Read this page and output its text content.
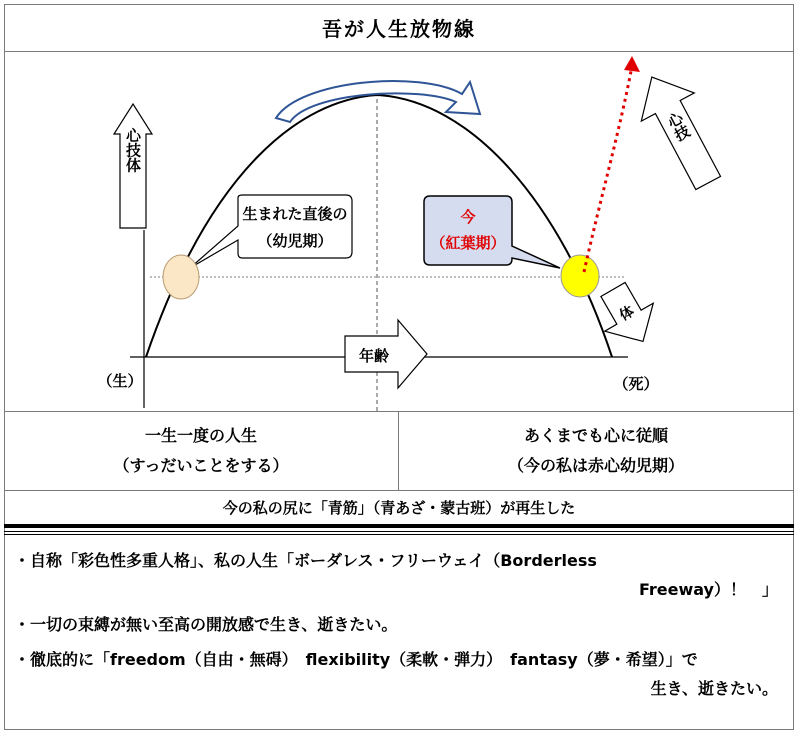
吾が人生放物線
心技体
年齢
生まれた直後の
（幼児期）
今
（紅葉期）
心技
体
（生）	（死）
一生一度の人生
（すっだいことをする）
あくまでも心に従順
（今の私は赤心幼児期）
今の私の尻に「青筋」（青あざ・蒙古班）が再生した
・自称「彩色性多重人格」、私の人生「ボーダレス・フリーウェイ（Borderless
Freeway）！　」
・一切の束縛が無い至高の開放感で生き、逝きたい。
・徹底的に「freedom（自由・無碍）　flexibility（柔軟・弾力）　fantasy（夢・希望）」で
生き、逝きたい。
